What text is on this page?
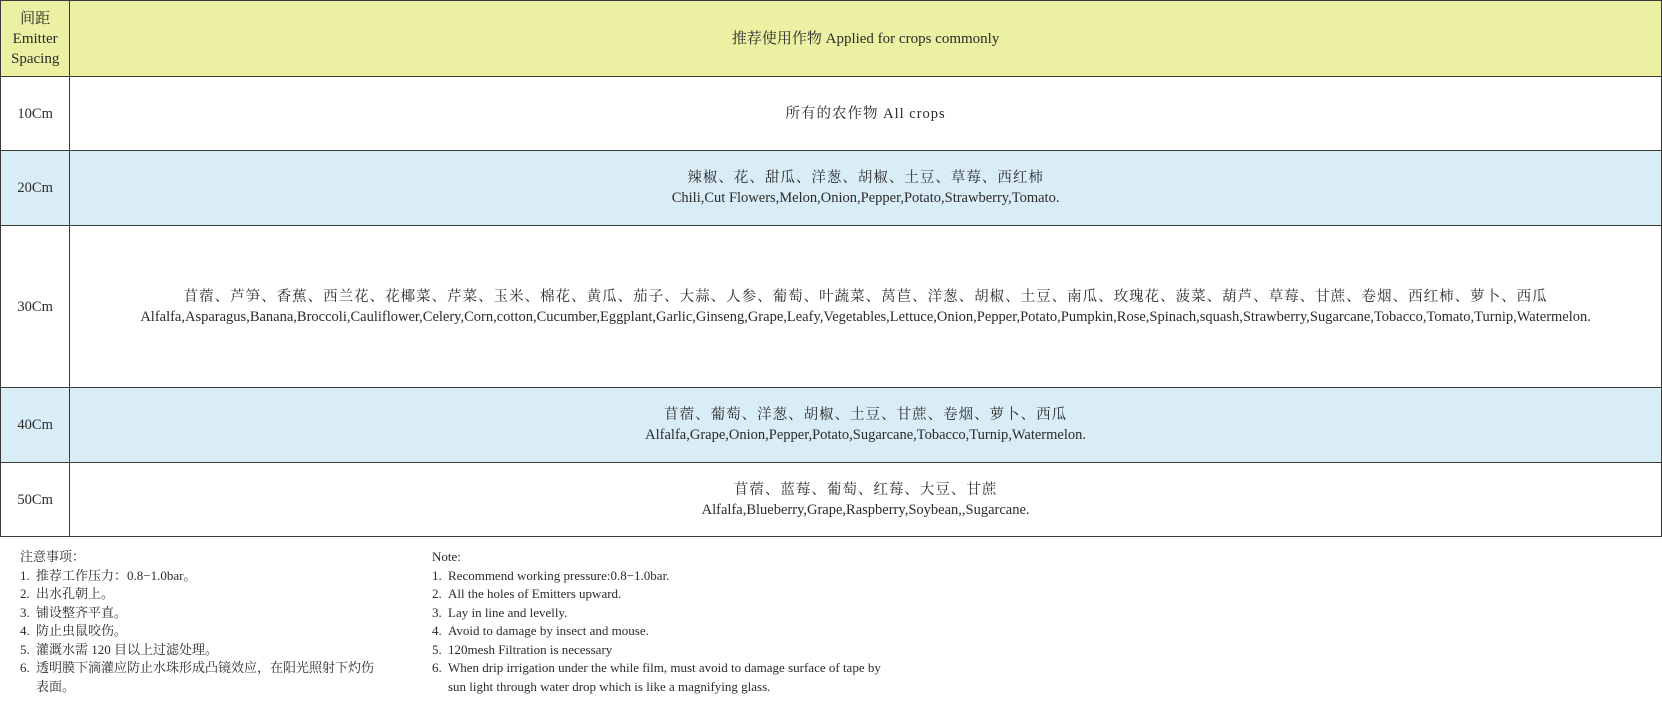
间距 Emitter Spacing	推荐使用作物 Applied for crops commonly
10Cm	所有的农作物 All crops

20Cm	辣椒、花、甜瓜、洋葱、胡椒、土豆、草莓、西红柿
Chili,Cut Flowers,Melon,Onion,Pepper,Potato,Strawberry,Tomato.

30Cm	苜蓿、芦笋、香蕉、西兰花、花椰菜、芹菜、玉米、棉花、黄瓜、茄子、大蒜、人参、葡萄、叶蔬菜、莴苣、洋葱、胡椒、土豆、南瓜、玫瑰花、菠菜、葫芦、草莓、甘蔗、卷烟、西红柿、萝卜、西瓜
Alfalfa,Asparagus,Banana,Broccoli,Cauliflower,Celery,Corn,cotton,Cucumber,Eggplant,Garlic,Ginseng,Grape,Leafy,Vegetables,Lettuce,Onion,Pepper,Potato,Pumpkin,Rose,Spinach,squash,Strawberry,Sugarcane,Tobacco,Tomato,Turnip,Watermelon.

40Cm	苜蓿、葡萄、洋葱、胡椒、土豆、甘蔗、卷烟、萝卜、西瓜
Alfalfa,Grape,Onion,Pepper,Potato,Sugarcane,Tobacco,Turnip,Watermelon.

50Cm	苜蓿、蓝莓、葡萄、红莓、大豆、甘蔗
Alfalfa,Blueberry,Grape,Raspberry,Soybean,,Sugarcane.
注意事项：
1. 推荐工作压力：0.8−1.0bar。
2. 出水孔朝上。
3. 铺设整齐平直。
4. 防止虫鼠咬伤。
5. 灌溉水需 120 目以上过滤处理。
6. 透明膜下滴灌应防止水珠形成凸镜效应，在阳光照射下灼伤表面。
Note:
1. Recommend working pressure:0.8−1.0bar.
2. All the holes of Emitters upward.
3. Lay in line and levelly.
4. Avoid to damage by insect and mouse.
5. 120mesh Filtration is necessary
6. When drip irrigation under the while film, must avoid to damage surface of tape by sun light through water drop which is like a magnifying glass.
